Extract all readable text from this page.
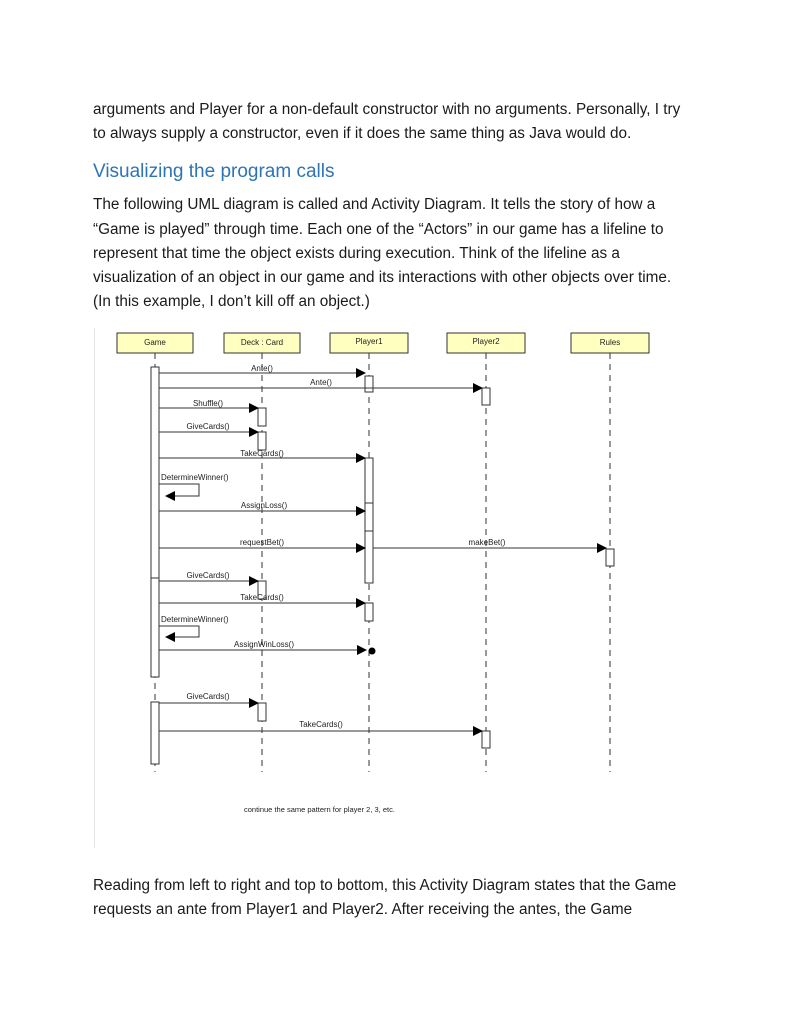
arguments and Player for a non-default constructor with no arguments. Personally, I try

to always supply a constructor, even if it does the same thing as Java would do.

Visualizing the program calls

The following UML diagram is called and Activity Diagram. It tells the story of how a

“Game is played” through time. Each one of the “Actors” in our game has a lifeline to

represent that time the object exists during execution. Think of the lifeline as a

visualization of an object in our game and its interactions with other objects over time.

(In this example, I don’t kill off an object.)

Game	Deck : Card	Player1	Player2	Rules
Ante()
Ante()
Shuffle()
GiveCards()
TakeCards()
DetermineWinner()
AssignLoss()
requestBet()	makeBet()
GiveCards()
TakeCards()
DetermineWinner()
AssignWinLoss()
GiveCards()
TakeCards()
continue the same pattern for player 2, 3, etc.

Reading from left to right and top to bottom, this Activity Diagram states that the Game

requests an ante from Player1 and Player2. After receiving the antes, the Game
